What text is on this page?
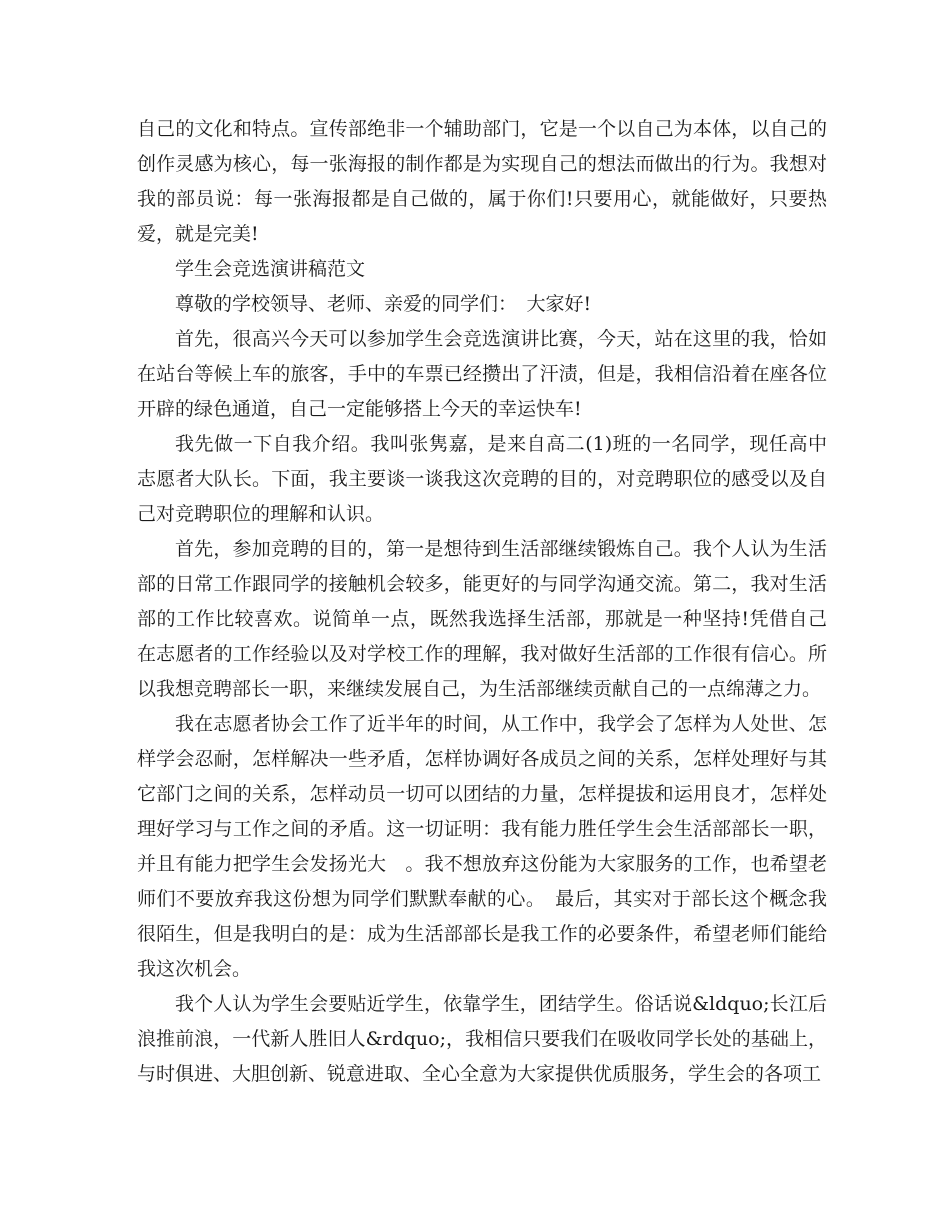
自己的文化和特点。宣传部绝非一个辅助部门，它是一个以自己为本体，以自己的创作灵感为核心，每一张海报的制作都是为实现自己的想法而做出的行为。我想对我的部员说：每一张海报都是自己做的，属于你们!只要用心，就能做好，只要热爱，就是完美!

学生会竞选演讲稿范文

尊敬的学校领导、老师、亲爱的同学们：　大家好!

首先，很高兴今天可以参加学生会竞选演讲比赛，今天，站在这里的我，恰如在站台等候上车的旅客，手中的车票已经攒出了汗渍，但是，我相信沿着在座各位开辟的绿色通道，自己一定能够搭上今天的幸运快车!

我先做一下自我介绍。我叫张隽嘉，是来自高二(1)班的一名同学，现任高中志愿者大队长。下面，我主要谈一谈我这次竞聘的目的，对竞聘职位的感受以及自己对竞聘职位的理解和认识。

首先，参加竞聘的目的，第一是想待到生活部继续锻炼自己。我个人认为生活部的日常工作跟同学的接触机会较多，能更好的与同学沟通交流。第二，我对生活部的工作比较喜欢。说简单一点，既然我选择生活部，那就是一种坚持!凭借自己在志愿者的工作经验以及对学校工作的理解，我对做好生活部的工作很有信心。所以我想竞聘部长一职，来继续发展自己，为生活部继续贡献自己的一点绵薄之力。

我在志愿者协会工作了近半年的时间，从工作中，我学会了怎样为人处世、怎样学会忍耐，怎样解决一些矛盾，怎样协调好各成员之间的关系，怎样处理好与其它部门之间的关系，怎样动员一切可以团结的力量，怎样提拔和运用良才，怎样处理好学习与工作之间的矛盾。这一切证明：我有能力胜任学生会生活部部长一职，并且有能力把学生会发扬光大　。我不想放弃这份能为大家服务的工作，也希望老师们不要放弃我这份想为同学们默默奉献的心。　最后，其实对于部长这个概念我很陌生，但是我明白的是：成为生活部部长是我工作的必要条件，希望老师们能给我这次机会。

我个人认为学生会要贴近学生，依靠学生，团结学生。俗话说&ldquo;长江后浪推前浪，一代新人胜旧人&rdquo;，我相信只要我们在吸收同学长处的基础上，与时俱进、大胆创新、锐意进取、全心全意为大家提供优质服务，学生会的各项工
